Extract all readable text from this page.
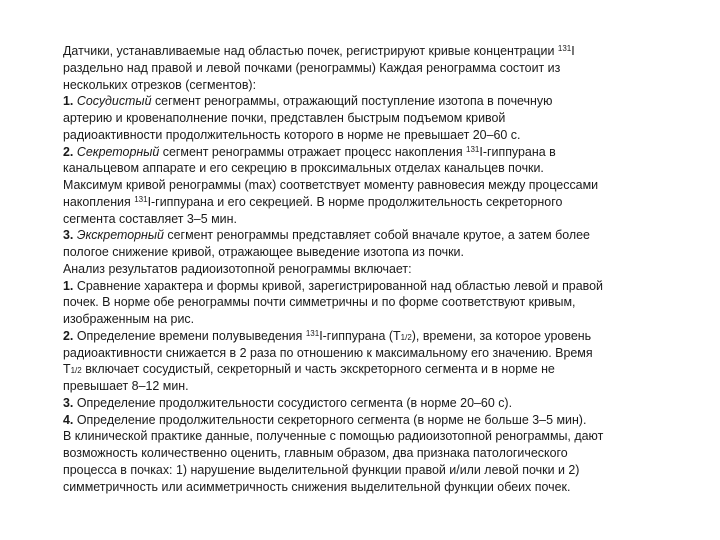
Датчики, устанавливаемые над областью почек, регистрируют кривые концентрации $^{131}$I
раздельно над правой и левой почками (ренограммы) Каждая ренограмма состоит из
нескольких отрезков (сегментов):
1. Сосудистый сегмент ренограммы, отражающий поступление изотопа в почечную
артерию и кровенаполнение почки, представлен быстрым подъемом кривой
радиоактивности продолжительность которого в норме не превышает 20–60 с.
2. Секреторный сегмент ренограммы отражает процесс накопления $^{131}$I-гиппурана в
канальцевом аппарате и его секрецию в проксимальных отделах канальцев почки.
Максимум кривой ренограммы (max) соответствует моменту равновесия между процессами
накопления $^{131}$I-гиппурана и его секрецией. В норме продолжительность секреторного
сегмента составляет 3–5 мин.
3. Экскреторный сегмент ренограммы представляет собой вначале крутое, а затем более
пологое снижение кривой, отражающее выведение изотопа из почки.
Анализ результатов радиоизотопной ренограммы включает:
1. Сравнение характера и формы кривой, зарегистрированной над областью левой и правой
почек. В норме обе ренограммы почти симметричны и по форме соответствуют кривым,
изображенным на рис.
2. Определение времени полувыведения $^{131}$I-гиппурана $(T_{1/2})$, времени, за которое уровень
радиоактивности снижается в 2 раза по отношению к максимальному его значению. Время
$T_{1/2}$ включает сосудистый, секреторный и часть экскреторного сегмента и в норме не
превышает 8–12 мин.
3. Определение продолжительности сосудистого сегмента (в норме 20–60 с).
4. Определение продолжительности секреторного сегмента (в норме не больше 3–5 мин).
В клинической практике данные, полученные с помощью радиоизотопной ренограммы, дают
возможность количественно оценить, главным образом, два признака патологического
процесса в почках: 1) нарушение выделительной функции правой и/или левой почки и 2)
симметричность или асимметричность снижения выделительной функции обеих почек.
